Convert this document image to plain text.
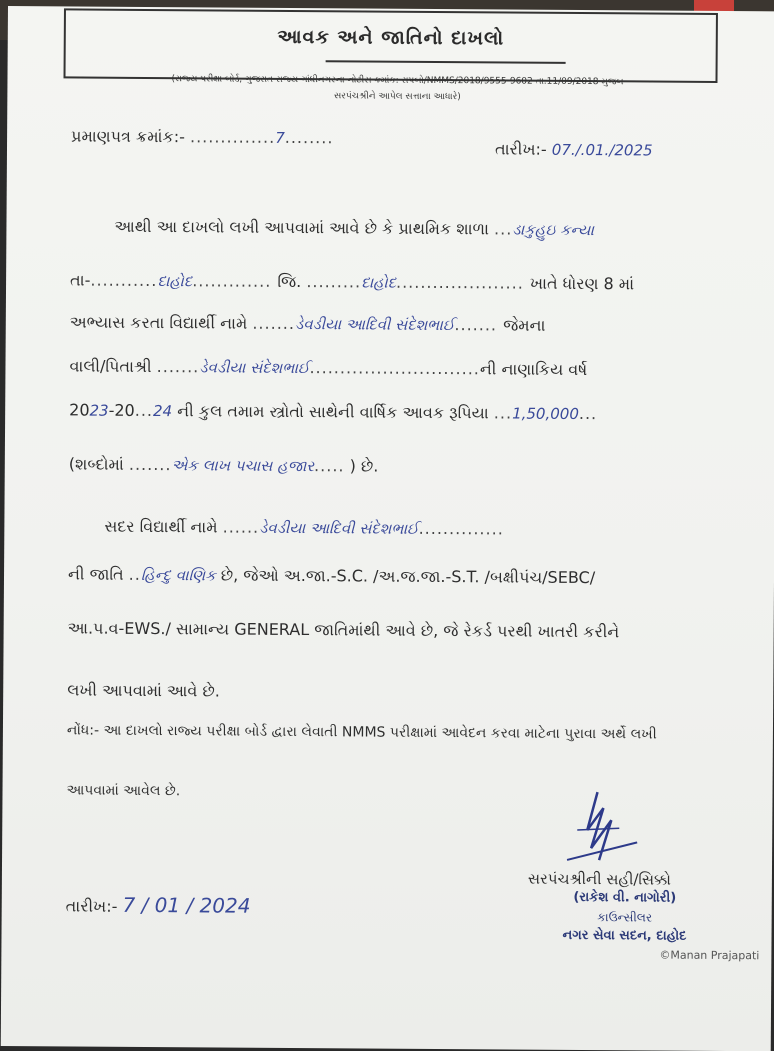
આવક અને જાતિનો દાખલો
(રાજ્ય પરીક્ષા બોર્ડ, ગુજરાત રાજ્ય ગાંધીનગરના નોટીસ ક્રમાંક: રાપબો/NMMS/2018/9555-9602 તા.11/09/2018 મુજબ
સરપંચશ્રીને આપેલ સત્તાના આધારે)
પ્રમાણપત્ર ક્રમાંક:- ..............7........
તારીખ:- 07./.01./2025
આથી આ દાખલો લખી આપવામાં આવે છે કે પ્રાથમિક શાળા ...ડાકુહુઇ કન્યા
તા-...........દાહોદ............. જિ. .........દાહોદ..................... ખાતે ધોરણ 8 માં
અભ્યાસ કરતા વિદ્યાર્થી નામે .......ડેવડીયા આદિવી સંદેશભાઈ....... જેમના
વાલી/પિતાશ્રી .......ડેવડીયા સંદેશભાઈ............................ની નાણાકિય વર્ષ
2023-20...24 ની કુલ તમામ સ્ત્રોતો સાથેની વાર્ષિક આવક રૂપિયા ...1,50,000...
(શબ્દોમાં .......એક લાખ પચાસ હજાર..... ) છે.
સદર વિદ્યાર્થી નામે ......ડેવડીયા આદિવી સંદેશભાઈ..............
ની જાતિ ..હિન્દુ વાણિક છે, જેઓ અ.જા.-S.C. /અ.જ.જા.-S.T. /બક્ષીપંચ/SEBC/
આ.પ.વ-EWS./ સામાન્ય GENERAL જાતિમાંથી આવે છે, જે રેકર્ડ પરથી ખાતરી કરીને
લખી આપવામાં આવે છે.
નોંધ:- આ દાખલો રાજ્ય પરીક્ષા બોર્ડ દ્વારા લેવાતી NMMS પરીક્ષામાં આવેદન કરવા માટેના પુરાવા અર્થે લખી
આપવામાં આવેલ છે.
તારીખ:- 7 / 01 / 2024
સરપંચશ્રીની સહી/સિક્કો
(રાકેશ વી. નાગોરી)
કાઉન્સીલર
નગર સેવા સદન, દાહોદ
©Manan Prajapati
